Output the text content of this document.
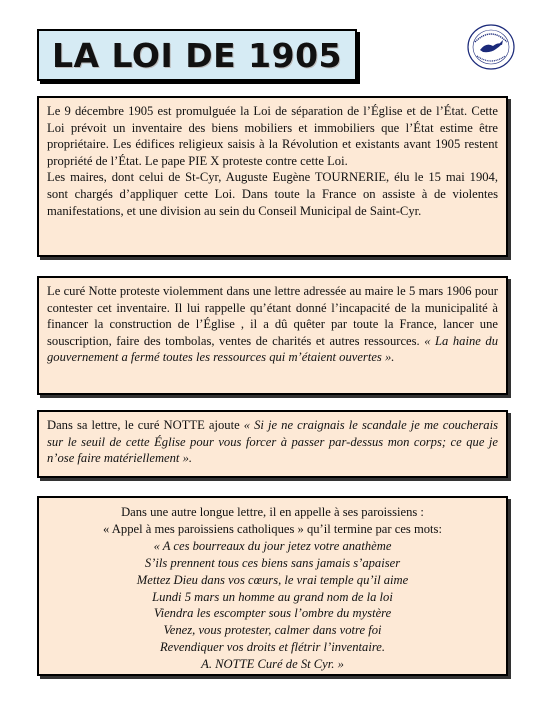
LA LOI DE 1905

Le 9 décembre 1905 est promulguée la Loi de séparation de l’Église et de l’État. Cette Loi prévoit un inventaire des biens mobiliers et immobiliers que l’État estime être propriétaire. Les édifices religieux saisis à la Révolution et existants avant 1905 restent propriété de l’État. Le pape PIE X proteste contre cette Loi.

Les maires, dont celui de St-Cyr, Auguste Eugène TOURNERIE, élu le 15 mai 1904, sont chargés d’appliquer cette Loi. Dans toute la France on assiste à de violentes manifestations, et une division au sein du Conseil Municipal de Saint-Cyr.

Le curé Notte proteste violemment dans une lettre adressée au maire le 5 mars 1906 pour contester cet inventaire. Il lui rappelle qu’étant donné l’incapacité de la municipalité à financer la construction de l’Église , il a dû quêter par toute la France, lancer une souscription, faire des tombolas, ventes de charités et autres ressources. « La haine du gouvernement a fermé toutes les ressources qui m’étaient ouvertes ».

Dans sa lettre, le curé NOTTE ajoute « Si je ne craignais le scandale je me coucherais sur le seuil de cette Église pour vous forcer à passer par-dessus mon corps; ce que je n’ose faire matériellement ».

Dans une autre longue lettre, il en appelle à ses paroissiens :

« Appel à mes paroissiens catholiques » qu’il termine par ces mots:

« A ces bourreaux du jour jetez votre anathème
S’ils prennent tous ces biens sans jamais s’apaiser
Mettez Dieu dans vos cœurs, le vrai temple qu’il aime
Lundi 5 mars un homme au grand nom de la loi
Viendra les escompter sous l’ombre du mystère
Venez, vous protester, calmer dans votre foi
Revendiquer vos droits et flétrir l’inventaire.
A. NOTTE Curé de St Cyr. »
